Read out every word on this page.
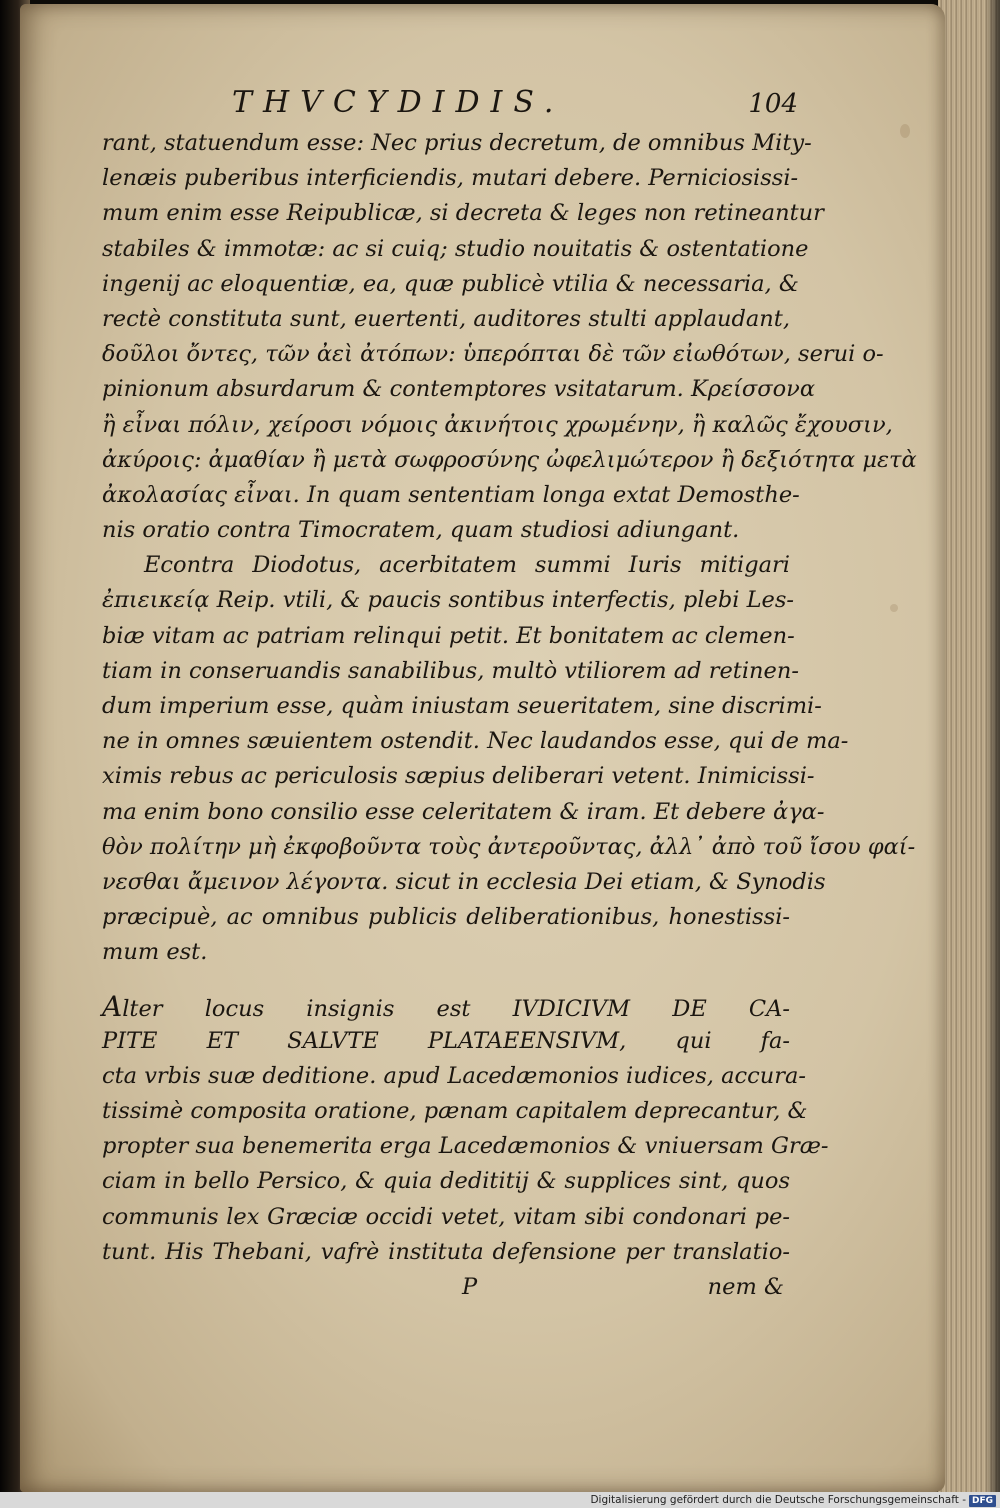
THVCYDIDIS.	104
rant, statuendum esse: Nec prius decretum, de omnibus Mity-
lenæis puberibus interficiendis, mutari debere. Perniciosissi-
mum enim esse Reipublicæ, si decreta & leges non retineantur
stabiles & immotæ: ac si cuiq; studio nouitatis & ostentatione
ingenij ac eloquentiæ, ea, quæ publicè vtilia & necessaria, &
rectè constituta sunt, euertenti, auditores stulti applaudant,
δοῦλοι ὄντες, τῶν ἀεὶ ἀτόπων: ὑπερόπται δὲ τῶν εἰωθότων, serui o-
pinionum absurdarum & contemptores vsitatarum. Κρείσσονα
ἢ εἶναι πόλιν, χείροσι νόμοις ἀκινήτοις χρωμένην, ἢ καλῶς ἔχουσιν,
ἀκύροις: ἀμαθίαν ἢ μετὰ σωφροσύνης ὠφελιμώτερον ἢ δεξιότητα μετὰ
ἀκολασίας εἶναι. In quam sententiam longa extat Demosthe-
nis oratio contra Timocratem, quam studiosi adiungant.
Econtra Diodotus, acerbitatem summi Iuris mitigari
ἐπιεικείᾳ Reip. vtili, & paucis sontibus interfectis, plebi Les-
biæ vitam ac patriam relinqui petit. Et bonitatem ac clemen-
tiam in conseruandis sanabilibus, multò vtiliorem ad retinen-
dum imperium esse, quàm iniustam seueritatem, sine discrimi-
ne in omnes sæuientem ostendit. Nec laudandos esse, qui de ma-
ximis rebus ac periculosis sæpius deliberari vetent. Inimicissi-
ma enim bono consilio esse celeritatem & iram. Et debere ἀγα-
θὸν πολίτην μὴ ἐκφοβοῦντα τοὺς ἀντεροῦντας, ἀλλ᾽ ἀπὸ τοῦ ἴσου φαί-
νεσθαι ἄμεινον λέγοντα. sicut in ecclesia Dei etiam, & Synodis
præcipuè, ac omnibus publicis deliberationibus, honestissi-
mum est.
Alter locus insignis est IVDICIVM DE CA-
PITE ET SALVTE PLATAEENSIVM, qui fa-
cta vrbis suæ deditione. apud Lacedæmonios iudices, accura-
tissimè composita oratione, pænam capitalem deprecantur, &
propter sua benemerita erga Lacedæmonios & vniuersam Græ-
ciam in bello Persico, & quia dedititij & supplices sint, quos
communis lex Græciæ occidi vetet, vitam sibi condonari pe-
tunt. His Thebani, vafrè instituta defensione per translatio-
P	nem &
Digitalisierung gefördert durch die Deutsche Forschungsgemeinschaft - DFG
